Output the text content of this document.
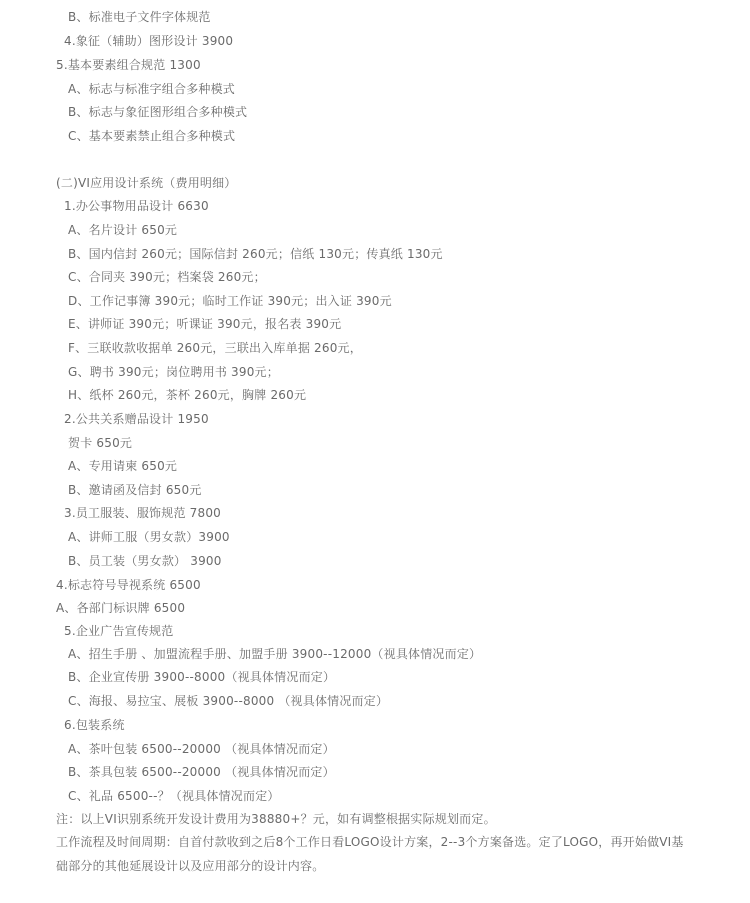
B、标准电子文件字体规范
4.象征（辅助）图形设计 3900
5.基本要素组合规范 1300
A、标志与标准字组合多种模式
B、标志与象征图形组合多种模式
C、基本要素禁止组合多种模式
(二)VI应用设计系统（费用明细）
1.办公事物用品设计 6630
A、名片设计 650元
B、国内信封 260元；国际信封 260元；信纸 130元；传真纸 130元
C、合同夹 390元；档案袋 260元；
D、工作记事簿 390元；临时工作证 390元；出入证 390元
E、讲师证 390元；听课证 390元，报名表 390元
F、三联收款收据单 260元，三联出入库单据 260元，
G、聘书 390元；岗位聘用书 390元；
H、纸杯 260元，茶杯 260元，胸牌 260元
2.公共关系赠品设计 1950
贺卡 650元
A、专用请柬 650元
B、邀请函及信封 650元
3.员工服装、服饰规范 7800
A、讲师工服（男女款）3900
B、员工装（男女款） 3900
4.标志符号导视系统 6500
A、各部门标识牌 6500
5.企业广告宣传规范
A、招生手册 、加盟流程手册、加盟手册 3900--12000（视具体情况而定）
B、企业宣传册 3900--8000（视具体情况而定）
C、海报、易拉宝、展板 3900--8000 （视具体情况而定）
6.包装系统
A、茶叶包装 6500--20000 （视具体情况而定）
B、茶具包装 6500--20000 （视具体情况而定）
C、礼品 6500--？（视具体情况而定）
注：以上VI识别系统开发设计费用为38880+？元，如有调整根据实际规划而定。
工作流程及时间周期：自首付款收到之后8个工作日看LOGO设计方案，2--3个方案备选。定了LOGO，再开始做VI基
础部分的其他延展设计以及应用部分的设计内容。
